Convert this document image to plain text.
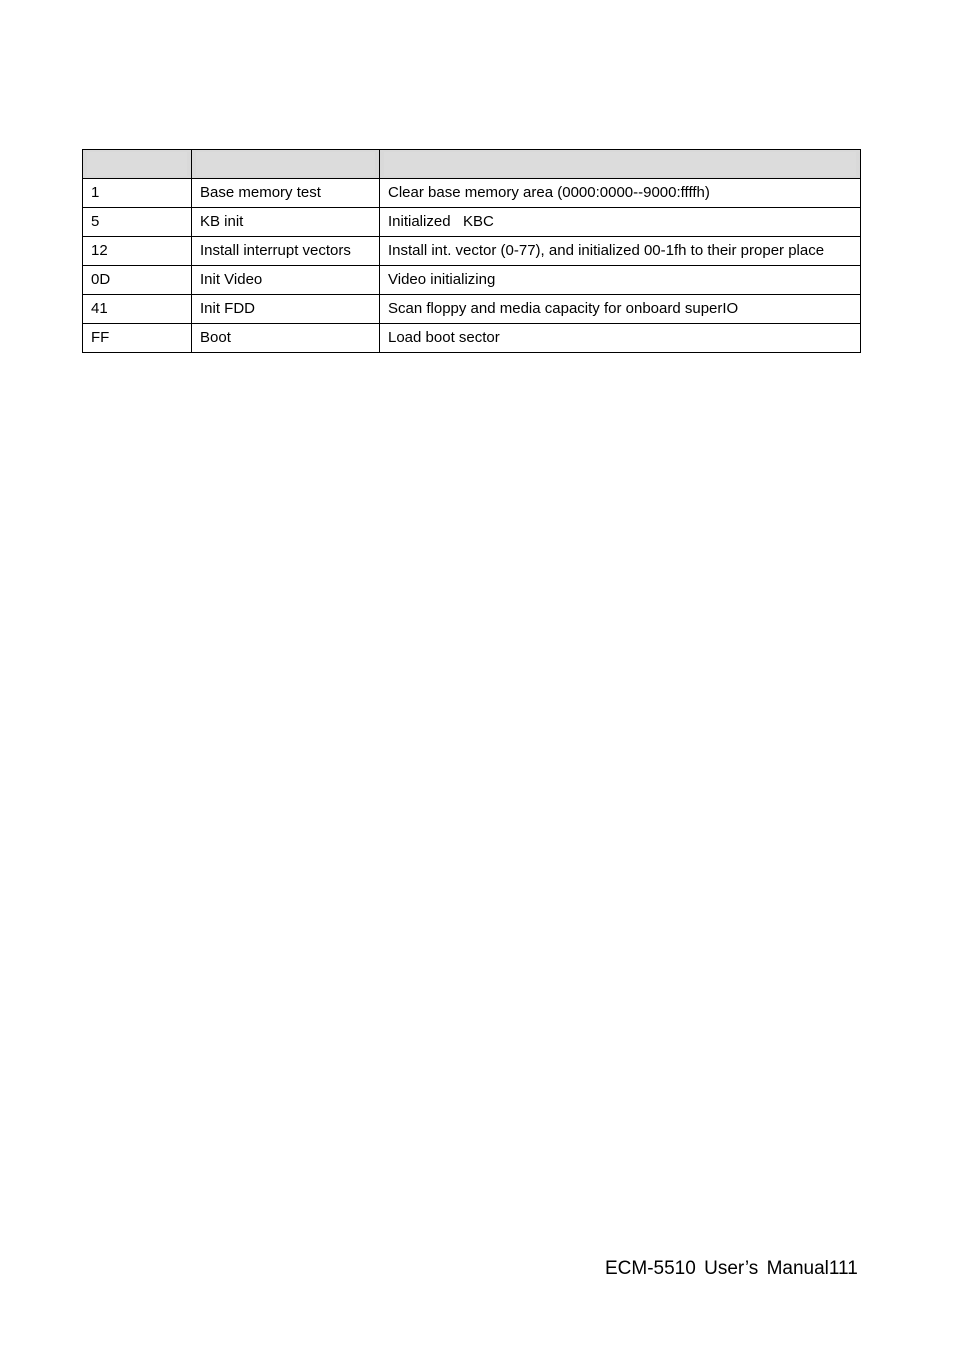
1	Base memory test	Clear base memory area (0000:0000--9000:ffffh)
5	KB init	Initialized   KBC
12	Install interrupt vectors	Install int. vector (0-77), and initialized 00-1fh to their proper place
0D	Init Video	Video initializing
41	Init FDD	Scan floppy and media capacity for onboard superIO
FF	Boot	Load boot sector
ECM-5510 User’s Manual111
